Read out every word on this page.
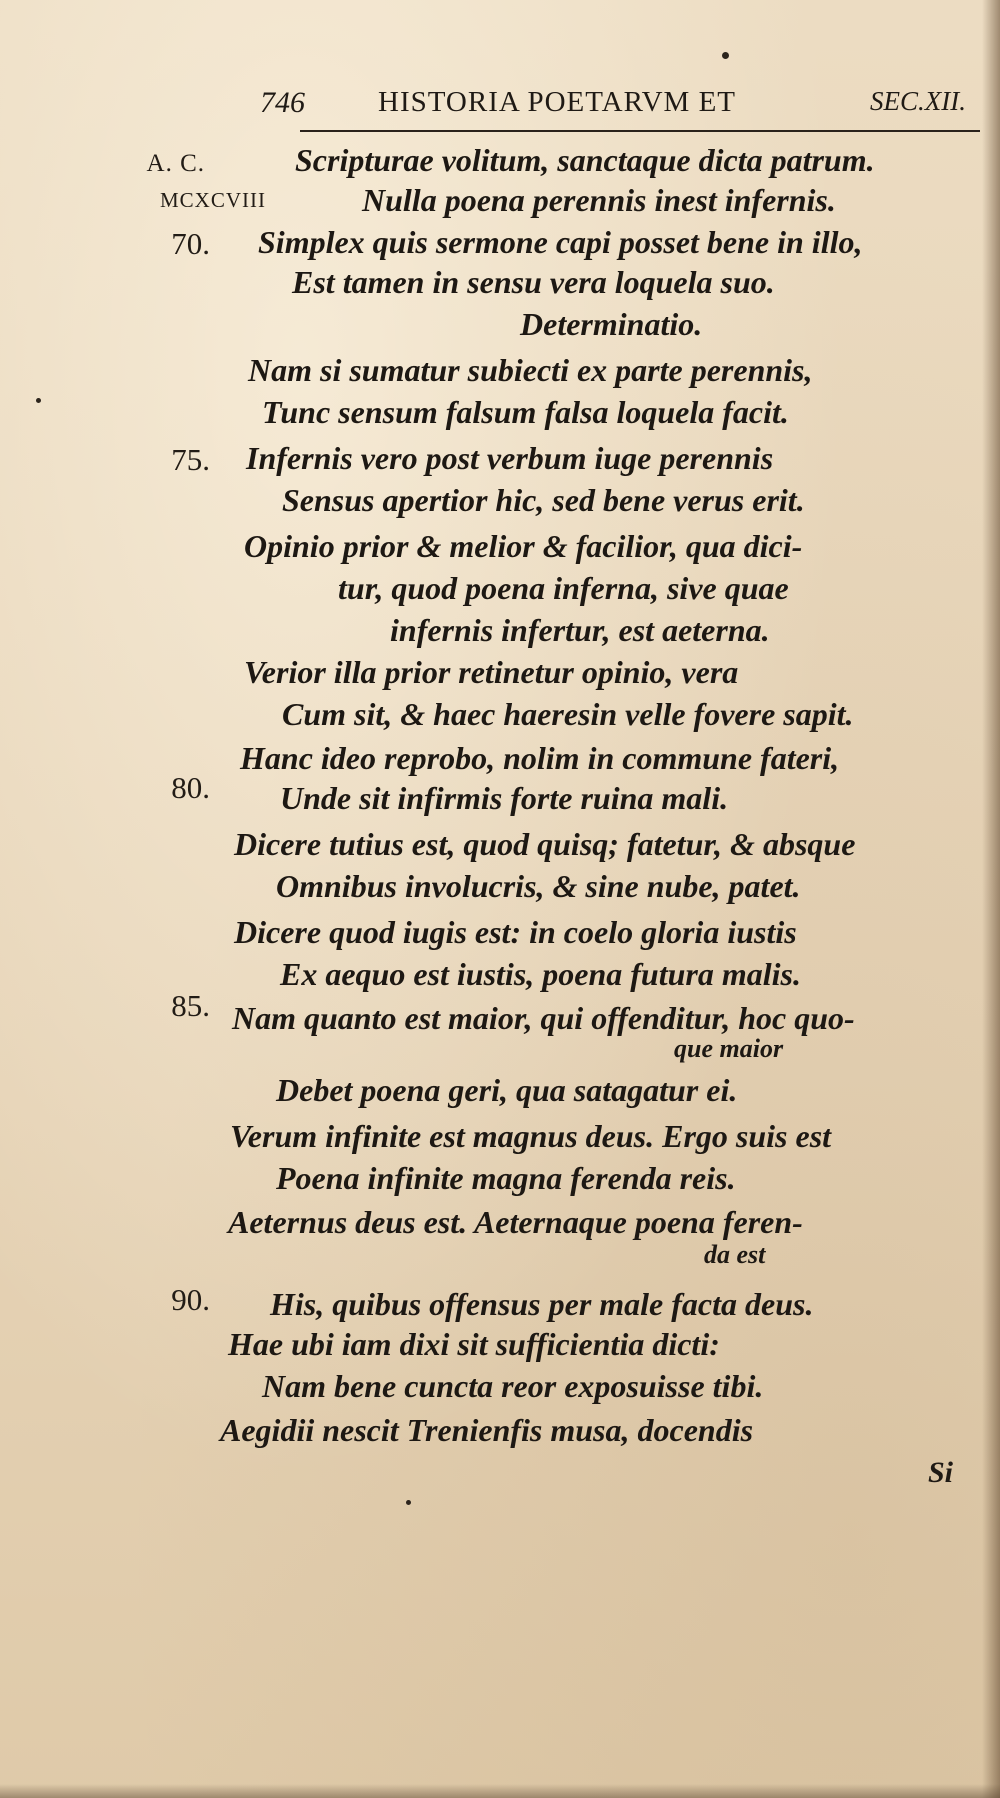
746	HISTORIA POETARVM ET	SEC.XII.
A. C.
MCXCVIII
70.
75.
80.
85.
90.
Scripturae volitum, sanctaque dicta patrum.
Nulla poena perennis inest infernis.
Simplex quis sermone capi posset bene in illo,
Est tamen in sensu vera loquela suo.
Determinatio.
Nam si sumatur subiecti ex parte perennis,
Tunc sensum falsum falsa loquela facit.
Infernis vero post verbum iuge perennis
Sensus apertior hic, sed bene verus erit.
Opinio prior & melior & facilior, qua dici-
tur, quod poena inferna, sive quae
infernis infertur, est aeterna.
Verior illa prior retinetur opinio, vera
Cum sit, & haec haeresin velle fovere sapit.
Hanc ideo reprobo, nolim in commune fateri,
Unde sit infirmis forte ruina mali.
Dicere tutius est, quod quisq; fatetur, & absque
Omnibus involucris, & sine nube, patet.
Dicere quod iugis est: in coelo gloria iustis
Ex aequo est iustis, poena futura malis.
Nam quanto est maior, qui offenditur, hoc quo-
que maior
Debet poena geri, qua satagatur ei.
Verum infinite est magnus deus. Ergo suis est
Poena infinite magna ferenda reis.
Aeternus deus est. Aeternaque poena feren-
da est
His, quibus offensus per male facta deus.
Hae ubi iam dixi sit sufficientia dicti:
Nam bene cuncta reor exposuisse tibi.
Aegidii nescit Trenienfis musa, docendis
Si
